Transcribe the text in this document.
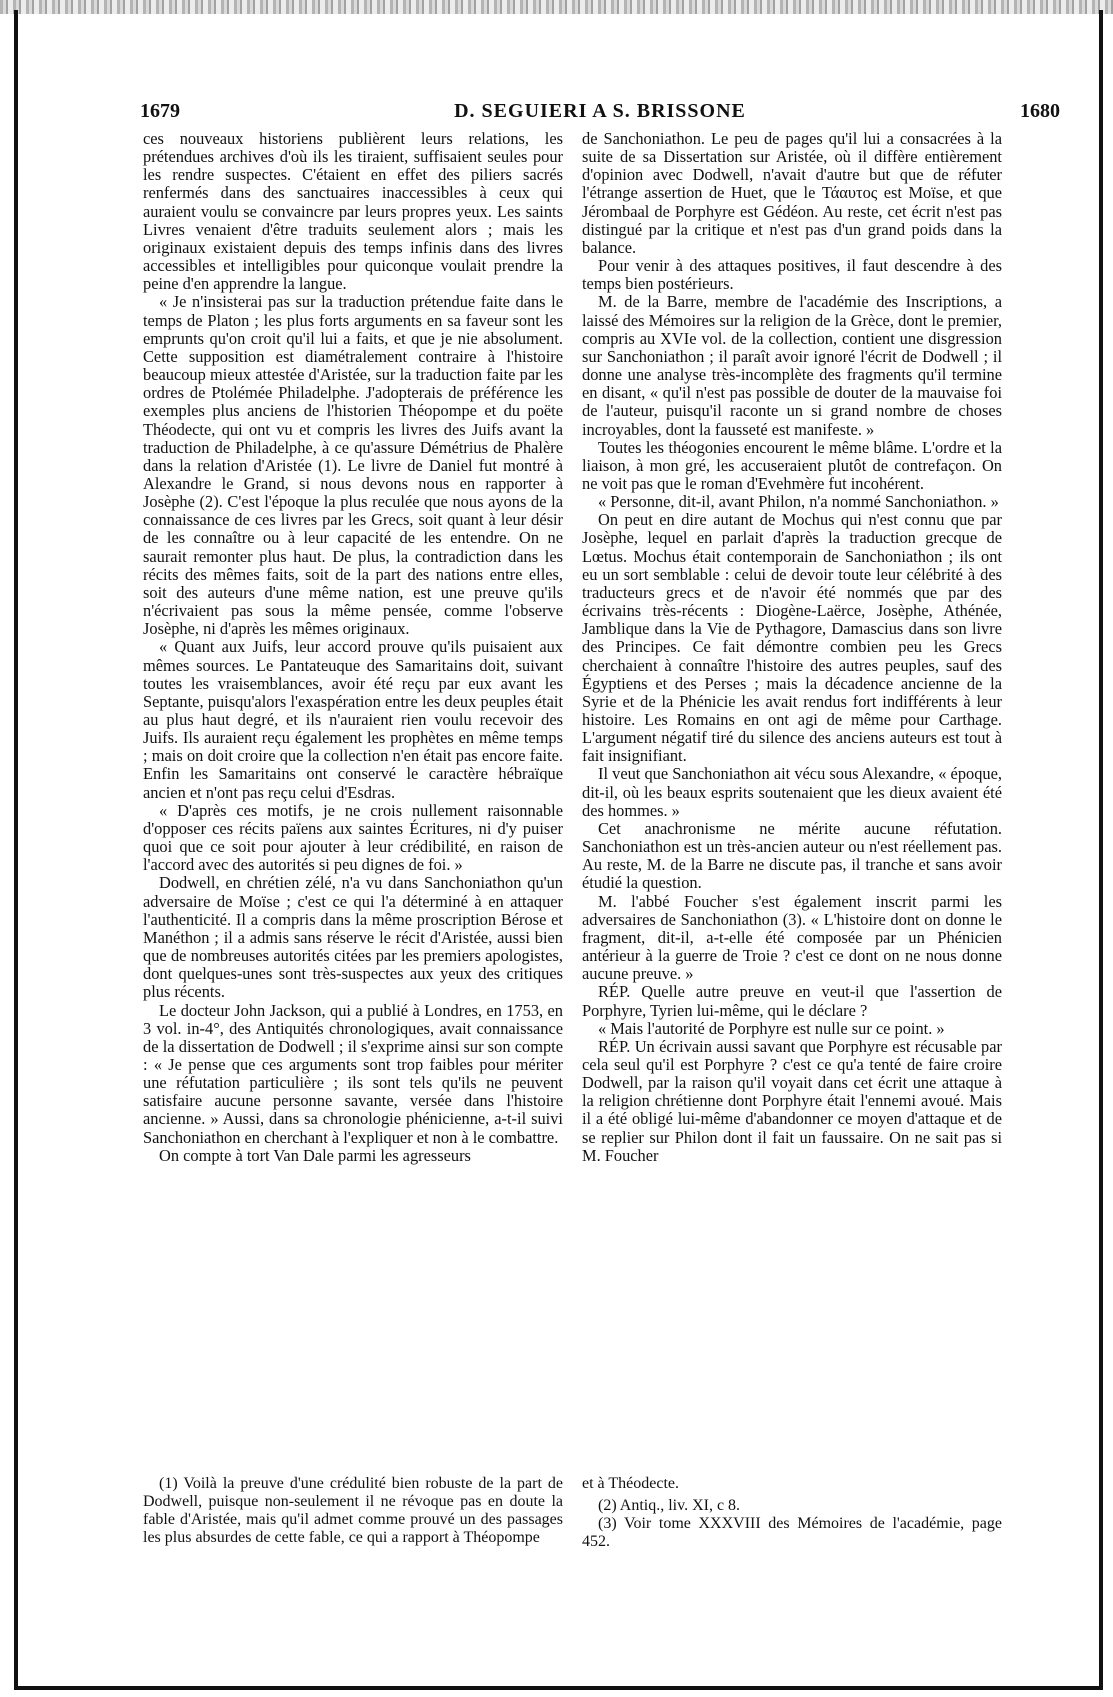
1679	D. SEGUIERI A S. BRISSONE	1680

ces nouveaux historiens publièrent leurs relations, les prétendues archives d'où ils les tiraient, suffisaient seules pour les rendre suspectes. C'étaient en effet des piliers sacrés renfermés dans des sanctuaires inaccessibles à ceux qui auraient voulu se convaincre par leurs propres yeux. Les saints Livres venaient d'être traduits seulement alors ; mais les originaux existaient depuis des temps infinis dans des livres accessibles et intelligibles pour quiconque voulait prendre la peine d'en apprendre la langue.

« Je n'insisterai pas sur la traduction prétendue faite dans le temps de Platon ; les plus forts arguments en sa faveur sont les emprunts qu'on croit qu'il lui a faits, et que je nie absolument. Cette supposition est diamétralement contraire à l'histoire beaucoup mieux attestée d'Aristée, sur la traduction faite par les ordres de Ptolémée Philadelphe. J'adopterais de préférence les exemples plus anciens de l'historien Théopompe et du poëte Théodecte, qui ont vu et compris les livres des Juifs avant la traduction de Philadelphe, à ce qu'assure Démétrius de Phalère dans la relation d'Aristée (1). Le livre de Daniel fut montré à Alexandre le Grand, si nous devons nous en rapporter à Josèphe (2). C'est l'époque la plus reculée que nous ayons de la connaissance de ces livres par les Grecs, soit quant à leur désir de les connaître ou à leur capacité de les entendre. On ne saurait remonter plus haut. De plus, la contradiction dans les récits des mêmes faits, soit de la part des nations entre elles, soit des auteurs d'une même nation, est une preuve qu'ils n'écrivaient pas sous la même pensée, comme l'observe Josèphe, ni d'après les mêmes originaux.

« Quant aux Juifs, leur accord prouve qu'ils puisaient aux mêmes sources. Le Pantateuque des Samaritains doit, suivant toutes les vraisemblances, avoir été reçu par eux avant les Septante, puisqu'alors l'exaspération entre les deux peuples était au plus haut degré, et ils n'auraient rien voulu recevoir des Juifs. Ils auraient reçu également les prophètes en même temps ; mais on doit croire que la collection n'en était pas encore faite. Enfin les Samaritains ont conservé le caractère hébraïque ancien et n'ont pas reçu celui d'Esdras.

« D'après ces motifs, je ne crois nullement raisonnable d'opposer ces récits païens aux saintes Écritures, ni d'y puiser quoi que ce soit pour ajouter à leur crédibilité, en raison de l'accord avec des autorités si peu dignes de foi. »

Dodwell, en chrétien zélé, n'a vu dans Sanchoniathon qu'un adversaire de Moïse ; c'est ce qui l'a déterminé à en attaquer l'authenticité. Il a compris dans la même proscription Bérose et Manéthon ; il a admis sans réserve le récit d'Aristée, aussi bien que de nombreuses autorités citées par les premiers apologistes, dont quelques-unes sont très-suspectes aux yeux des critiques plus récents.

Le docteur John Jackson, qui a publié à Londres, en 1753, en 3 vol. in-4°, des Antiquités chronologiques, avait connaissance de la dissertation de Dodwell ; il s'exprime ainsi sur son compte : « Je pense que ces arguments sont trop faibles pour mériter une réfutation particulière ; ils sont tels qu'ils ne peuvent satisfaire aucune personne savante, versée dans l'histoire ancienne. » Aussi, dans sa chronologie phénicienne, a-t-il suivi Sanchoniathon en cherchant à l'expliquer et non à le combattre.

On compte à tort Van Dale parmi les agresseurs

de Sanchoniathon. Le peu de pages qu'il lui a consacrées à la suite de sa Dissertation sur Aristée, où il diffère entièrement d'opinion avec Dodwell, n'avait d'autre but que de réfuter l'étrange assertion de Huet, que le Τάαυτος est Moïse, et que Jérombaal de Porphyre est Gédéon. Au reste, cet écrit n'est pas distingué par la critique et n'est pas d'un grand poids dans la balance.

Pour venir à des attaques positives, il faut descendre à des temps bien postérieurs.

M. de la Barre, membre de l'académie des Inscriptions, a laissé des Mémoires sur la religion de la Grèce, dont le premier, compris au XVIe vol. de la collection, contient une disgression sur Sanchoniathon ; il paraît avoir ignoré l'écrit de Dodwell ; il donne une analyse très-incomplète des fragments qu'il termine en disant, « qu'il n'est pas possible de douter de la mauvaise foi de l'auteur, puisqu'il raconte un si grand nombre de choses incroyables, dont la fausseté est manifeste. »

Toutes les théogonies encourent le même blâme. L'ordre et la liaison, à mon gré, les accuseraient plutôt de contrefaçon. On ne voit pas que le roman d'Evehmère fut incohérent.

« Personne, dit-il, avant Philon, n'a nommé Sanchoniathon. »

On peut en dire autant de Mochus qui n'est connu que par Josèphe, lequel en parlait d'après la traduction grecque de Lœtus. Mochus était contemporain de Sanchoniathon ; ils ont eu un sort semblable : celui de devoir toute leur célébrité à des traducteurs grecs et de n'avoir été nommés que par des écrivains très-récents : Diogène-Laërce, Josèphe, Athénée, Jamblique dans la Vie de Pythagore, Damascius dans son livre des Principes. Ce fait démontre combien peu les Grecs cherchaient à connaître l'histoire des autres peuples, sauf des Égyptiens et des Perses ; mais la décadence ancienne de la Syrie et de la Phénicie les avait rendus fort indifférents à leur histoire. Les Romains en ont agi de même pour Carthage. L'argument négatif tiré du silence des anciens auteurs est tout à fait insignifiant.

Il veut que Sanchoniathon ait vécu sous Alexandre, « époque, dit-il, où les beaux esprits soutenaient que les dieux avaient été des hommes. »

Cet anachronisme ne mérite aucune réfutation. Sanchoniathon est un très-ancien auteur ou n'est réellement pas. Au reste, M. de la Barre ne discute pas, il tranche et sans avoir étudié la question.

M. l'abbé Foucher s'est également inscrit parmi les adversaires de Sanchoniathon (3). « L'histoire dont on donne le fragment, dit-il, a-t-elle été composée par un Phénicien antérieur à la guerre de Troie ? c'est ce dont on ne nous donne aucune preuve. »

RÉP. Quelle autre preuve en veut-il que l'assertion de Porphyre, Tyrien lui-même, qui le déclare ?

« Mais l'autorité de Porphyre est nulle sur ce point. »

RÉP. Un écrivain aussi savant que Porphyre est récusable par cela seul qu'il est Porphyre ? c'est ce qu'a tenté de faire croire Dodwell, par la raison qu'il voyait dans cet écrit une attaque à la religion chrétienne dont Porphyre était l'ennemi avoué. Mais il a été obligé lui-même d'abandonner ce moyen d'attaque et de se replier sur Philon dont il fait un faussaire. On ne sait pas si M. Foucher

(1) Voilà la preuve d'une crédulité bien robuste de la part de Dodwell, puisque non-seulement il ne révoque pas en doute la fable d'Aristée, mais qu'il admet comme prouvé un des passages les plus absurdes de cette fable, ce qui a rapport à Théopompe

et à Théodecte.

(2) Antiq., liv. XI, c 8.

(3) Voir tome XXXVIII des Mémoires de l'académie, page 452.
